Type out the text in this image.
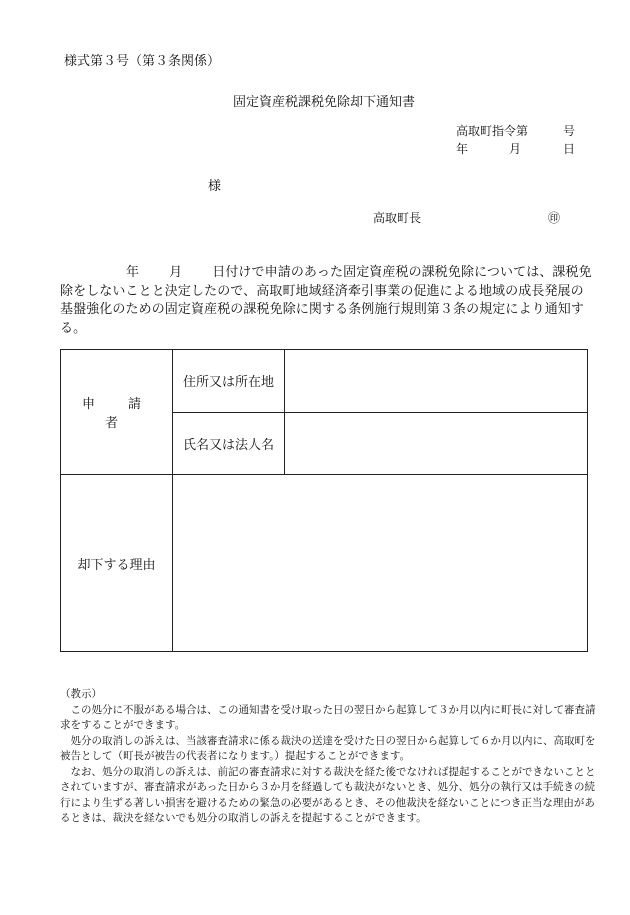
様式第３号（第３条関係）
固定資産税課税免除却下通知書
高取町指令第	号
年	月	日
様
高取町長	㊞
年 月 日付けで申請のあった固定資産税の課税免除については、課税免除をしないことと決定したので、高取町地域経済牽引事業の促進による地域の成長発展の基盤強化のための固定資産税の課税免除に関する条例施行規則第３条の規定により通知する。
申　請　者	住所又は所在地	
	氏名又は法人名	
却下する理由		

（教示）

この処分に不服がある場合は、この通知書を受け取った日の翌日から起算して３か月以内に町長に対して審査請求をすることができます。

処分の取消しの訴えは、当該審査請求に係る裁決の送達を受けた日の翌日から起算して６か月以内に、高取町を被告として（町長が被告の代表者になります。）提起することができます。

なお、処分の取消しの訴えは、前記の審査請求に対する裁決を経た後でなければ提起することができないこととされていますが、審査請求があった日から３か月を経過しても裁決がないとき、処分、処分の執行又は手続きの続行により生ずる著しい損害を避けるための緊急の必要があるとき、その他裁決を経ないことにつき正当な理由があるときは、裁決を経ないでも処分の取消しの訴えを提起することができます。
